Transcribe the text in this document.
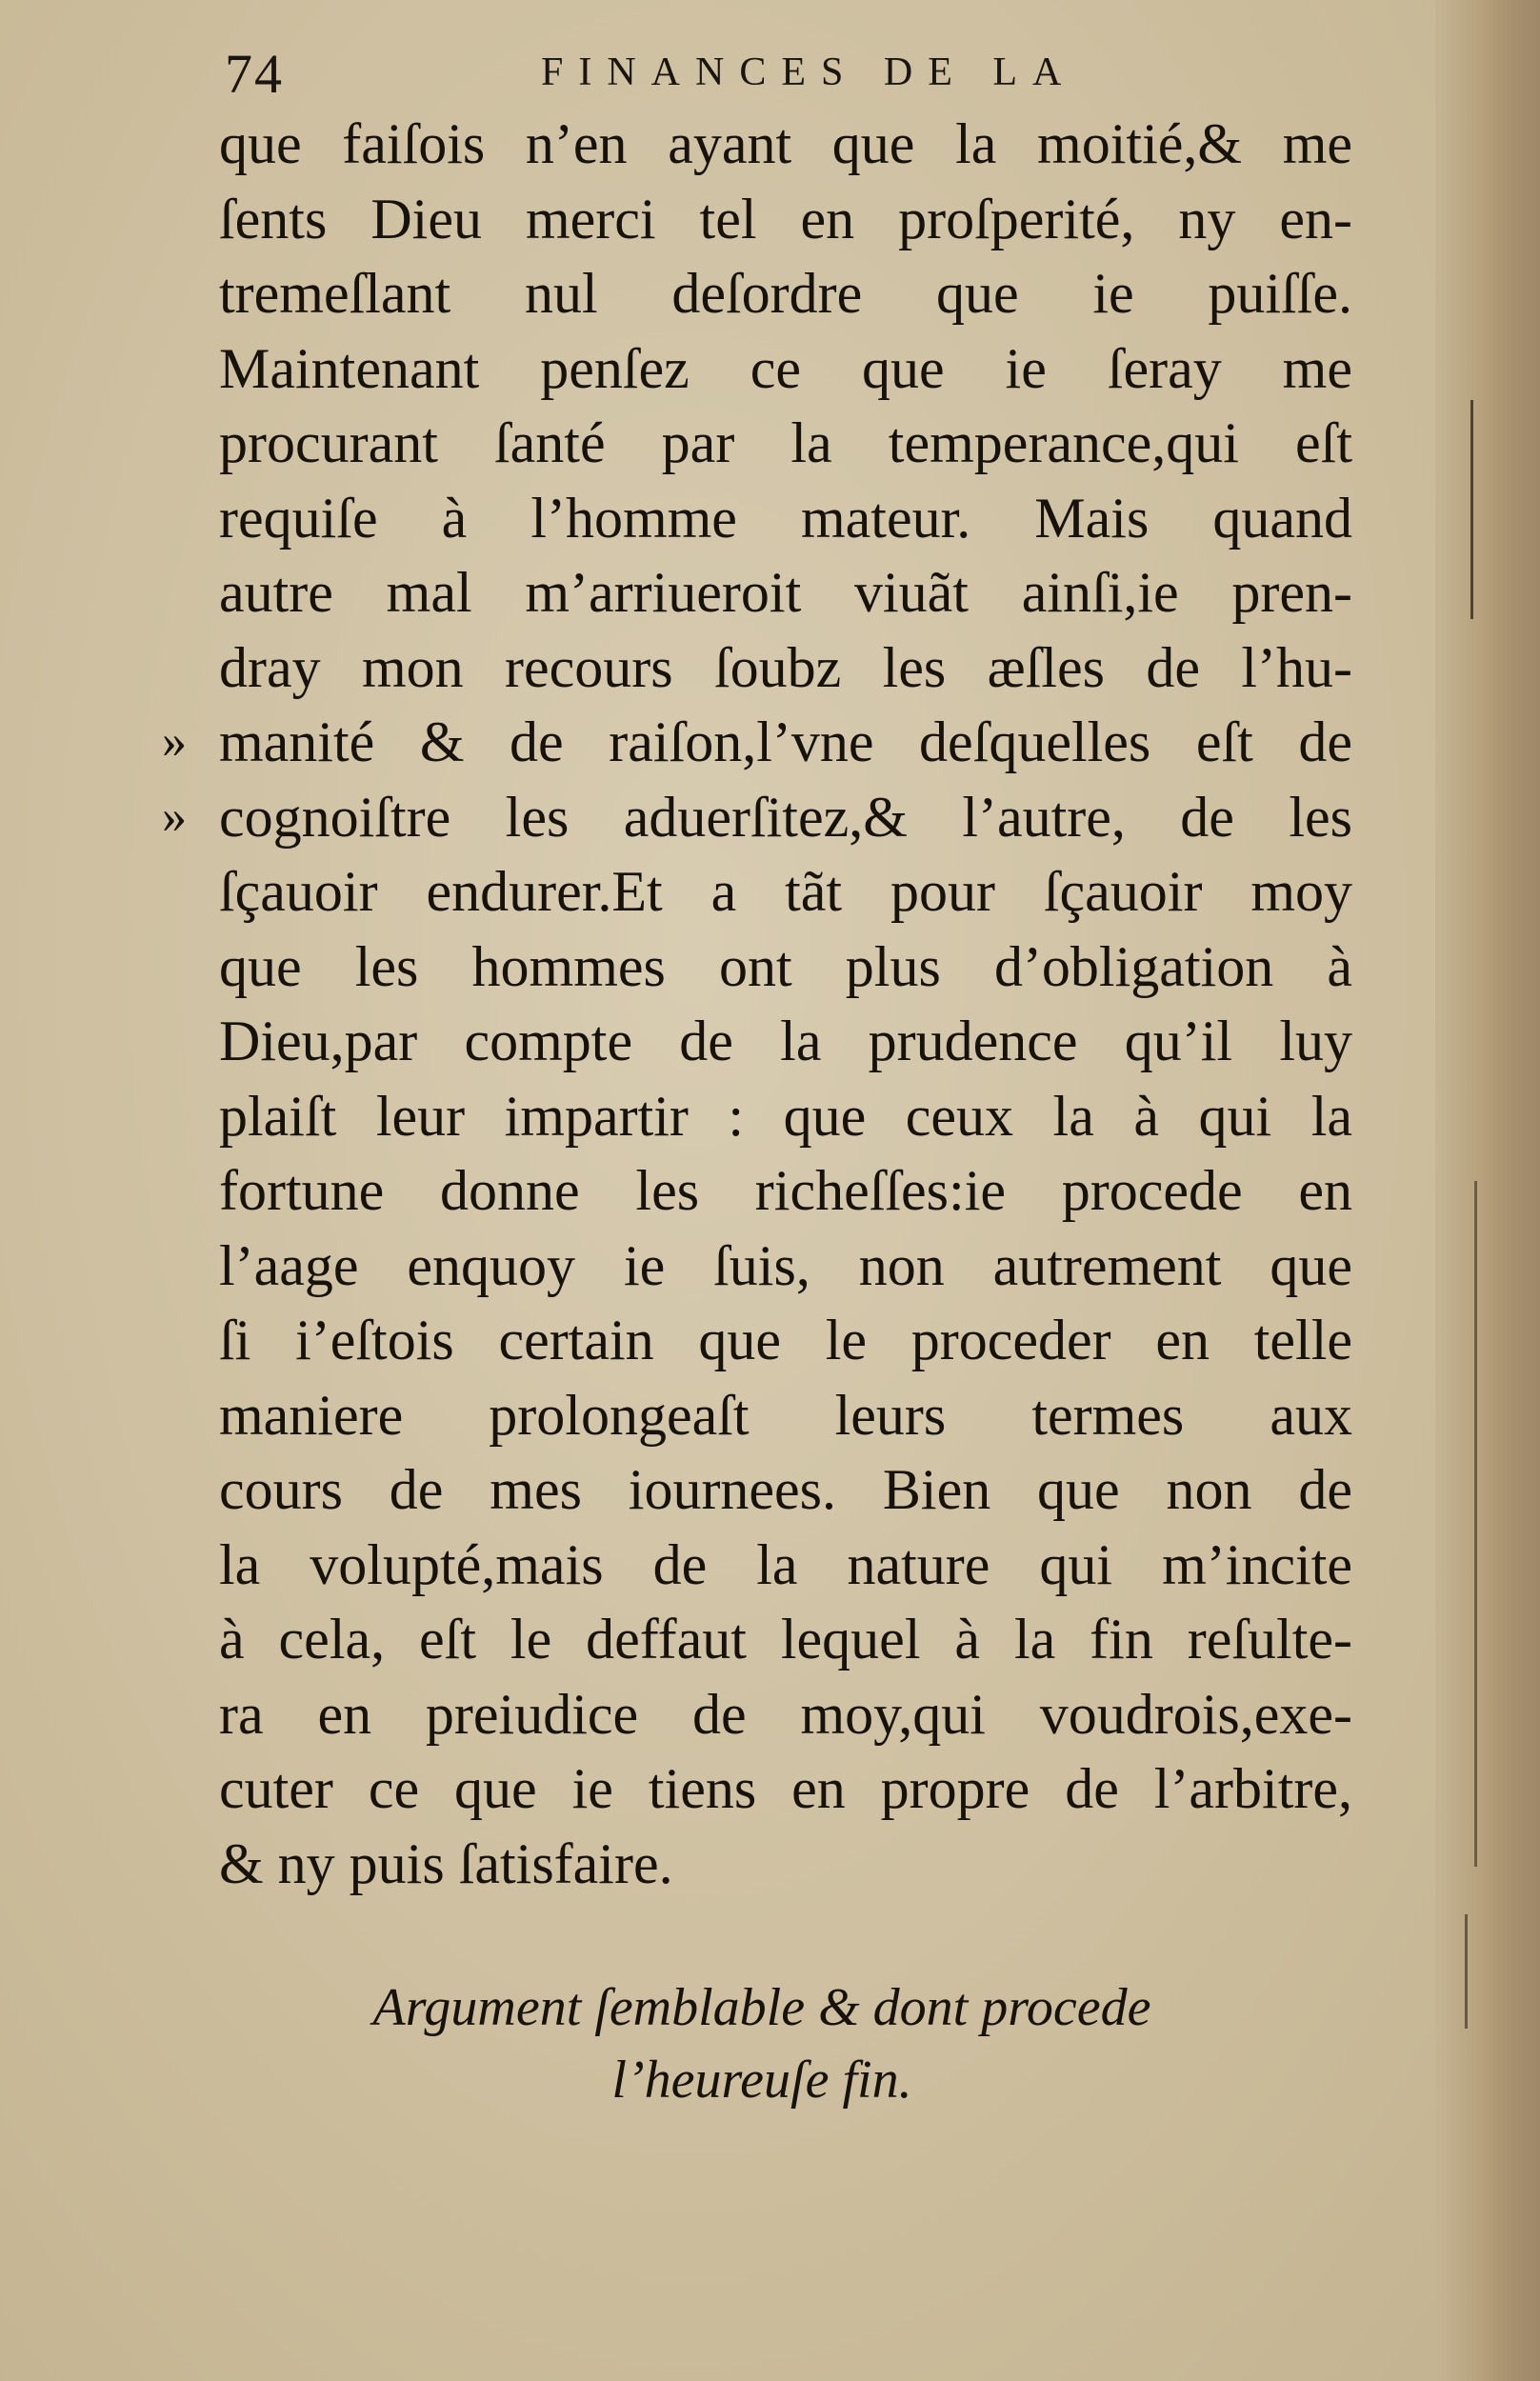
74	FINANCES DE LA
que faiſois n’en ayant que la moitié,& me
ſents Dieu merci tel en proſperité, ny en-
tremeſlant nul deſordre que ie puiſſe.
Maintenant penſez ce que ie ſeray me
procurant ſanté par la temperance,qui eſt
requiſe à l’homme mateur. Mais quand
autre mal m’arriueroit viuãt ainſi,ie pren-
dray mon recours ſoubz les æſles de l’hu-
manité & de raiſon,l’vne deſquelles eſt de
»
cognoiſtre les aduerſitez,& l’autre, de les
»
ſçauoir endurer.Et a tãt pour ſçauoir moy
que les hommes ont plus d’obligation à
Dieu,par compte de la prudence qu’il luy
plaiſt leur impartir : que ceux la à qui la
fortune donne les richeſſes:ie procede en
l’aage enquoy ie ſuis, non autrement que
ſi i’eſtois certain que le proceder en telle
maniere prolongeaſt leurs termes aux
cours de mes iournees. Bien que non de
la volupté,mais de la nature qui m’incite
à cela, eſt le deffaut lequel à la fin reſulte-
ra en preiudice de moy,qui voudrois,exe-
cuter ce que ie tiens en propre de l’arbitre,
& ny puis ſatisfaire.
Argument ſemblable & dont procede
l’heureuſe fin.
